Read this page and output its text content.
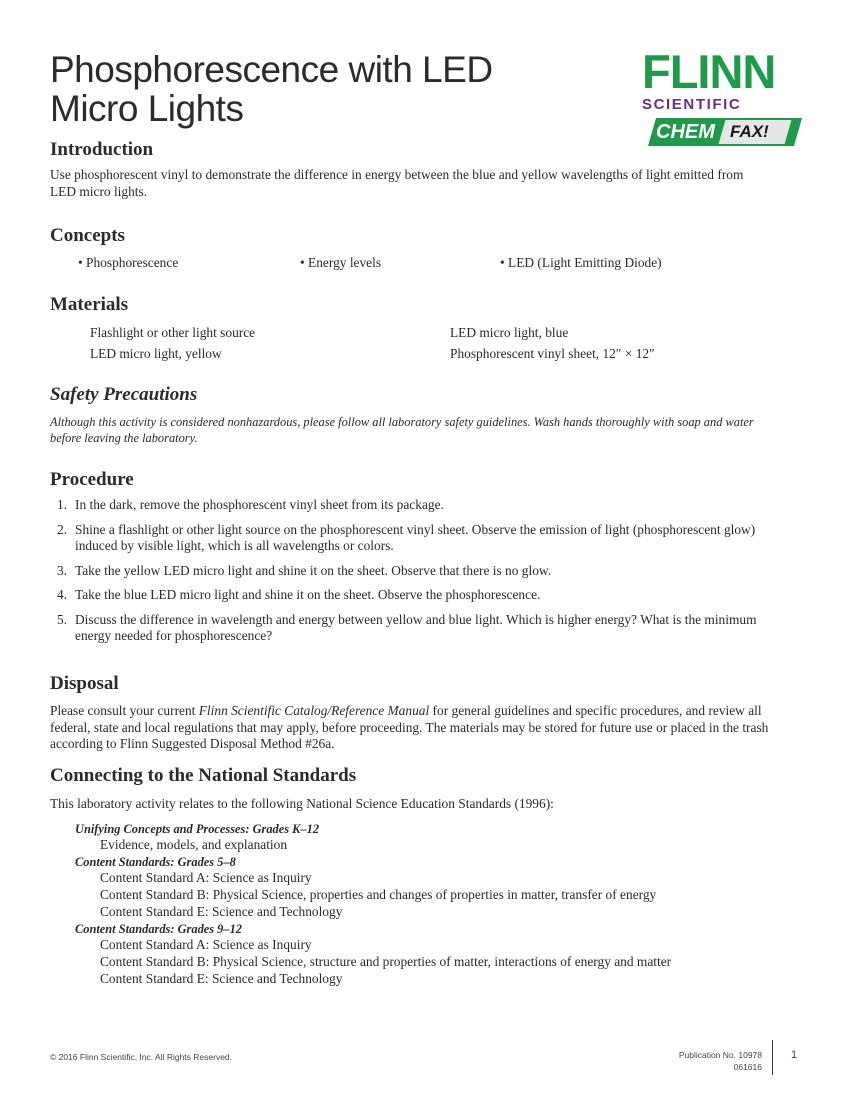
Phosphorescence with LED
Micro Lights
FLINN
SCIENTIFIC
CHEM FAX!
Introduction

Use phosphorescent vinyl to demonstrate the difference in energy between the blue and yellow wavelengths of light emitted from LED micro lights.

Concepts
• Phosphorescence	• Energy levels	• LED (Light Emitting Diode)
Materials
Flashlight or other light source	LED micro light, blue
LED micro light, yellow	Phosphorescent vinyl sheet, 12″ × 12″
Safety Precautions

Although this activity is considered nonhazardous, please follow all laboratory safety guidelines. Wash hands thoroughly with soap and water before leaving the laboratory.

Procedure
1. In the dark, remove the phosphorescent vinyl sheet from its package.
2. Shine a flashlight or other light source on the phosphorescent vinyl sheet. Observe the emission of light (phosphorescent glow) induced by visible light, which is all wavelengths or colors.
3. Take the yellow LED micro light and shine it on the sheet. Observe that there is no glow.
4. Take the blue LED micro light and shine it on the sheet. Observe the phosphorescence.
5. Discuss the difference in wavelength and energy between yellow and blue light. Which is higher energy? What is the minimum energy needed for phosphorescence?
Disposal

Please consult your current Flinn Scientific Catalog/Reference Manual for general guidelines and specific procedures, and review all federal, state and local regulations that may apply, before proceeding. The materials may be stored for future use or placed in the trash according to Flinn Suggested Disposal Method #26a.

Connecting to the National Standards
This laboratory activity relates to the following National Science Education Standards (1996):
Unifying Concepts and Processes: Grades K–12
Evidence, models, and explanation
Content Standards: Grades 5–8
Content Standard A: Science as Inquiry
Content Standard B: Physical Science, properties and changes of properties in matter, transfer of energy
Content Standard E: Science and Technology
Content Standards: Grades 9–12
Content Standard A: Science as Inquiry
Content Standard B: Physical Science, structure and properties of matter, interactions of energy and matter
Content Standard E: Science and Technology
© 2016 Flinn Scientific, Inc. All Rights Reserved.	Publication No. 10978
061616
1
